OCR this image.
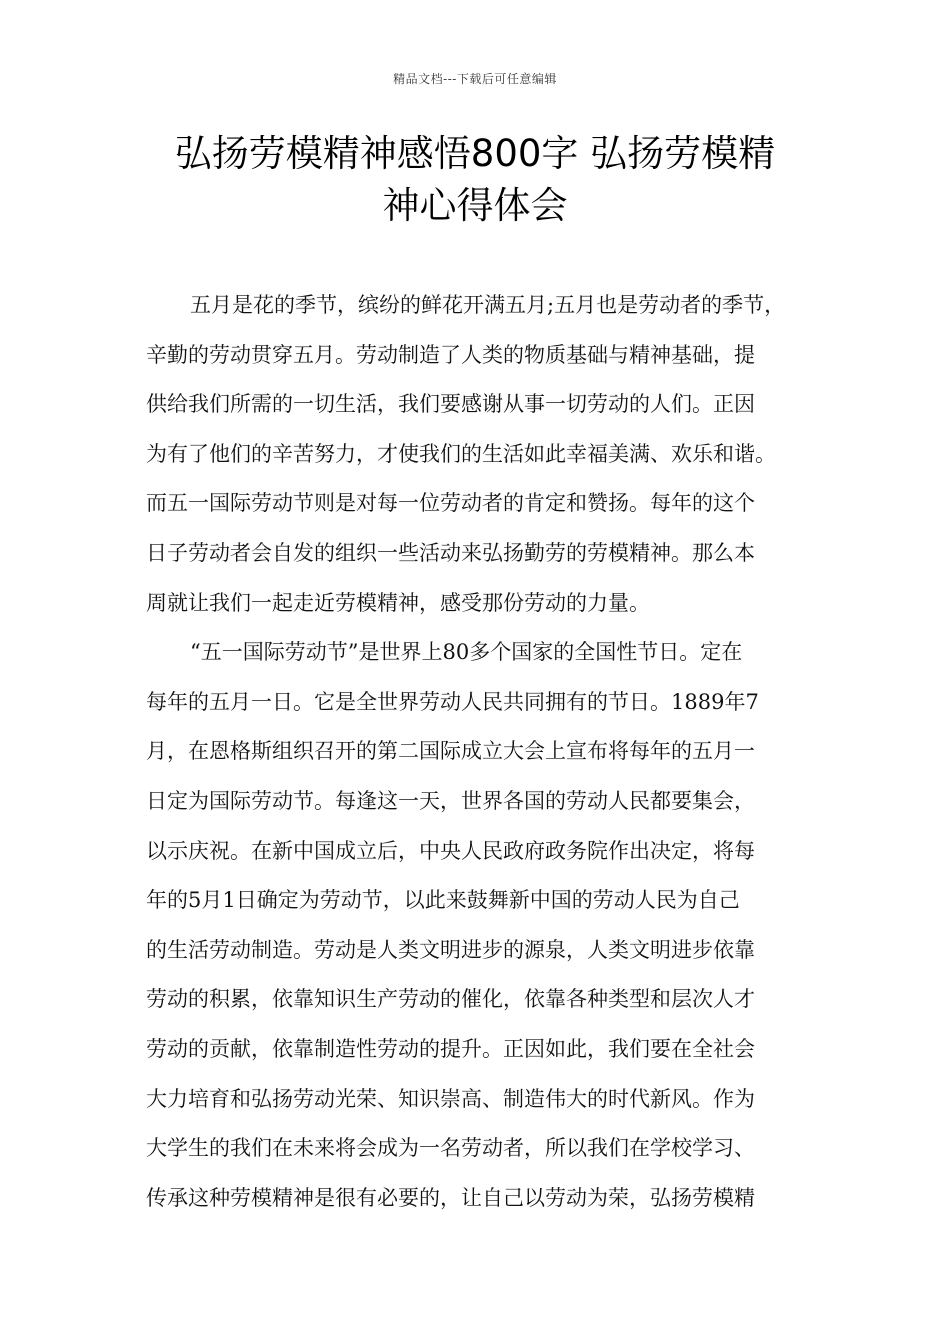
精品文档---下载后可任意编辑
弘扬劳模精神感悟800字 弘扬劳模精
神心得体会
五月是花的季节，缤纷的鲜花开满五月;五月也是劳动者的季节，
辛勤的劳动贯穿五月。劳动制造了人类的物质基础与精神基础，提
供给我们所需的一切生活，我们要感谢从事一切劳动的人们。正因
为有了他们的辛苦努力，才使我们的生活如此幸福美满、欢乐和谐。
而五一国际劳动节则是对每一位劳动者的肯定和赞扬。每年的这个
日子劳动者会自发的组织一些活动来弘扬勤劳的劳模精神。那么本
周就让我们一起走近劳模精神，感受那份劳动的力量。
“五一国际劳动节”是世界上80多个国家的全国性节日。定在
每年的五月一日。它是全世界劳动人民共同拥有的节日。1889年7
月，在恩格斯组织召开的第二国际成立大会上宣布将每年的五月一
日定为国际劳动节。每逢这一天，世界各国的劳动人民都要集会，
以示庆祝。在新中国成立后，中央人民政府政务院作出决定，将每
年的5月1日确定为劳动节，以此来鼓舞新中国的劳动人民为自己
的生活劳动制造。劳动是人类文明进步的源泉，人类文明进步依靠
劳动的积累，依靠知识生产劳动的催化，依靠各种类型和层次人才
劳动的贡献，依靠制造性劳动的提升。正因如此，我们要在全社会
大力培育和弘扬劳动光荣、知识崇高、制造伟大的时代新风。作为
大学生的我们在未来将会成为一名劳动者，所以我们在学校学习、
传承这种劳模精神是很有必要的，让自己以劳动为荣，弘扬劳模精
